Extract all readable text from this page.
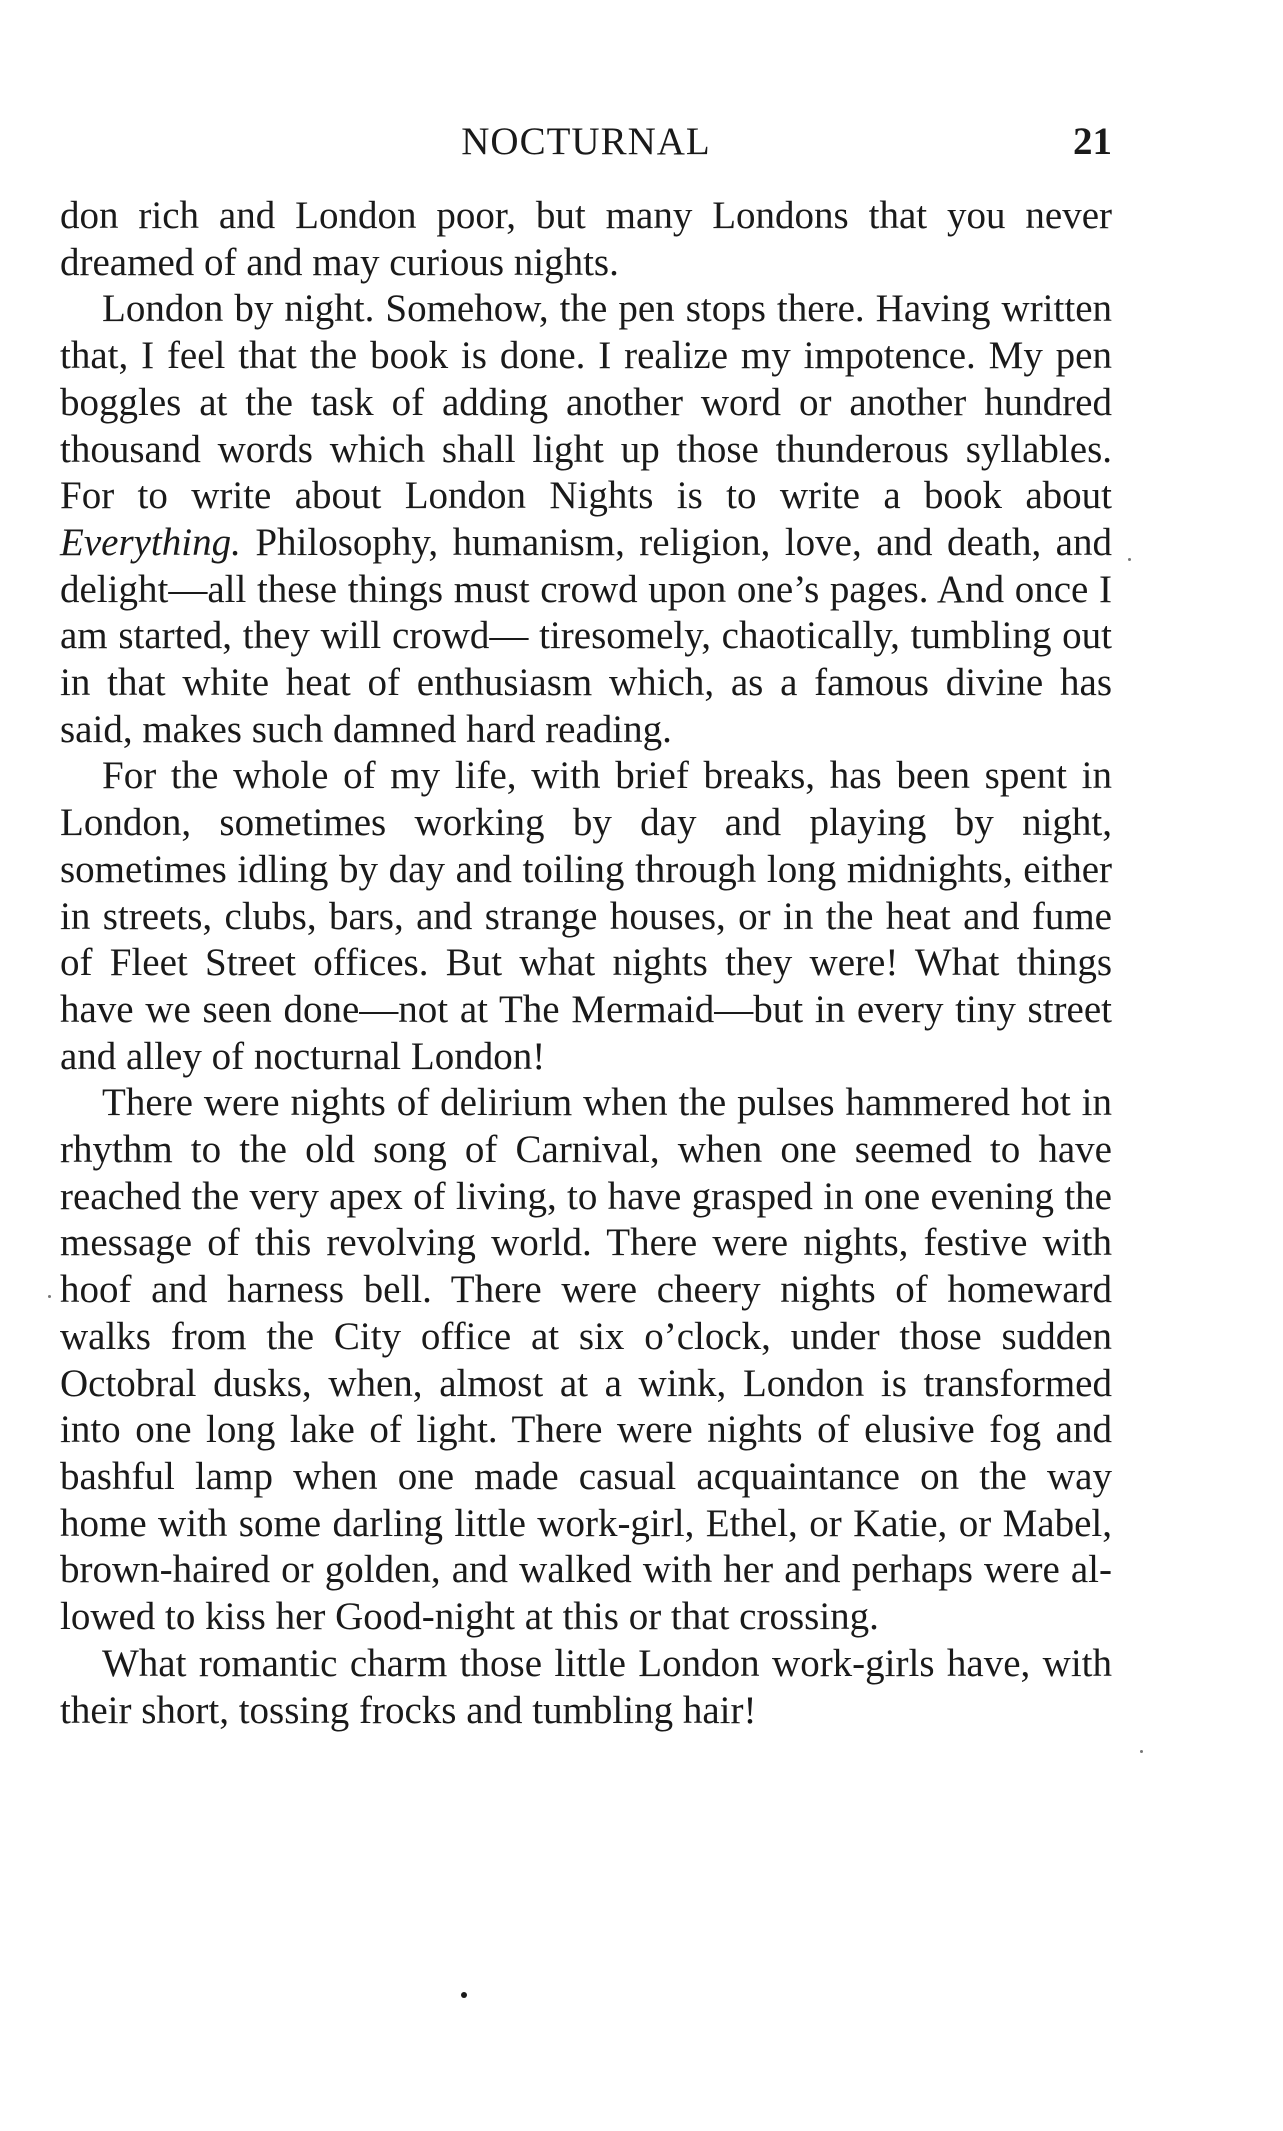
NOCTURNAL	21

don rich and London poor, but many Londons that you never dreamed of and may curious nights.

London by night. Somehow, the pen stops there. Having written that, I feel that the book is done. I realize my impotence. My pen boggles at the task of adding another word or another hundred thousand words which shall light up those thunderous syllables. For to write about London Nights is to write a book about Everything. Philosophy, humanism, religion, love, and death, and delight—all these things must crowd upon one’s pages. And once I am started, they will crowd— tiresomely, chaotically, tumbling out in that white heat of enthusiasm which, as a famous divine has said, makes such damned hard reading.

For the whole of my life, with brief breaks, has been spent in London, sometimes working by day and playing by night, sometimes idling by day and toiling through long midnights, either in streets, clubs, bars, and strange houses, or in the heat and fume of Fleet Street offices. But what nights they were! What things have we seen done—not at The Mermaid—but in every tiny street and alley of nocturnal London!

There were nights of delirium when the pulses hammered hot in rhythm to the old song of Carnival, when one seemed to have reached the very apex of living, to have grasped in one evening the message of this revolving world. There were nights, festive with hoof and harness bell. There were cheery nights of homeward walks from the City office at six o’clock, under those sudden Octobral dusks, when, almost at a wink, London is transformed into one long lake of light. There were nights of elusive fog and bashful lamp when one made casual acquaintance on the way home with some darling little work-girl, Ethel, or Katie, or Mabel, brown-haired or golden, and walked with her and perhaps were allowed to kiss her Good-night at this or that crossing.

What romantic charm those little London work-girls have, with their short, tossing frocks and tumbling hair!
